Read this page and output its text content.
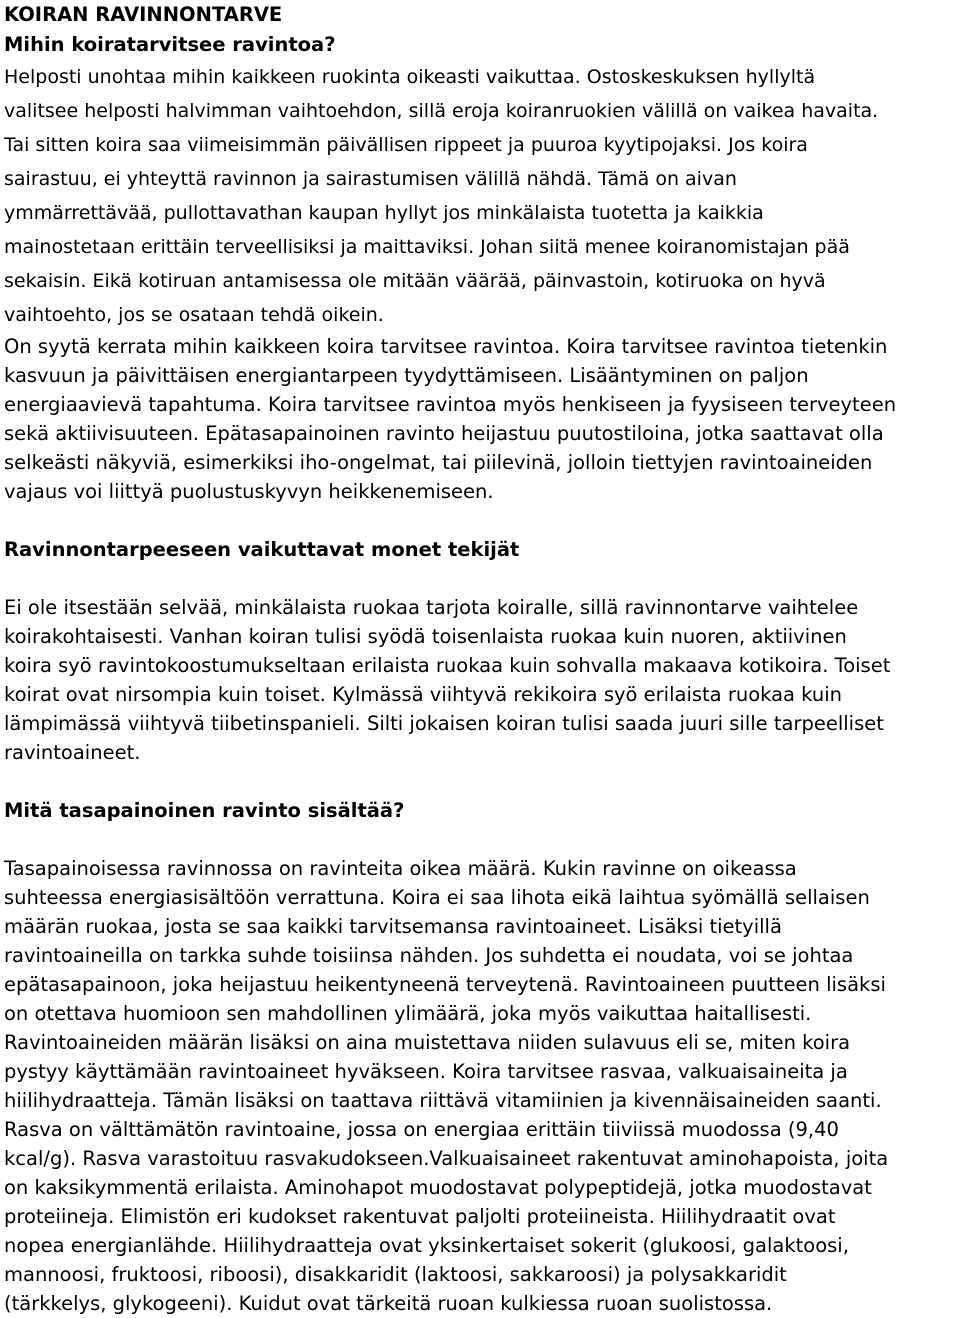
KOIRAN RAVINNONTARVE
Mihin koiratarvitsee ravintoa?
Helposti unohtaa mihin kaikkeen ruokinta oikeasti vaikuttaa. Ostoskeskuksen hyllyltä
valitsee helposti halvimman vaihtoehdon, sillä eroja koiranruokien välillä on vaikea havaita.
Tai sitten koira saa viimeisimmän päivällisen rippeet ja puuroa kyytipojaksi. Jos koira
sairastuu, ei yhteyttä ravinnon ja sairastumisen välillä nähdä. Tämä on aivan
ymmärrettävää, pullottavathan kaupan hyllyt jos minkälaista tuotetta ja kaikkia
mainostetaan erittäin terveellisiksi ja maittaviksi. Johan siitä menee koiranomistajan pää
sekaisin. Eikä kotiruan antamisessa ole mitään väärää, päinvastoin, kotiruoka on hyvä
vaihtoehto, jos se osataan tehdä oikein.
On syytä kerrata mihin kaikkeen koira tarvitsee ravintoa. Koira tarvitsee ravintoa tietenkin
kasvuun ja päivittäisen energiantarpeen tyydyttämiseen. Lisääntyminen on paljon
energiaavievä tapahtuma. Koira tarvitsee ravintoa myös henkiseen ja fyysiseen terveyteen
sekä aktiivisuuteen. Epätasapainoinen ravinto heijastuu puutostiloina, jotka saattavat olla
selkeästi näkyviä, esimerkiksi iho-ongelmat, tai piilevinä, jolloin tiettyjen ravintoaineiden
vajaus voi liittyä puolustuskyvyn heikkenemiseen.
Ravinnontarpeeseen vaikuttavat monet tekijät
Ei ole itsestään selvää, minkälaista ruokaa tarjota koiralle, sillä ravinnontarve vaihtelee
koirakohtaisesti. Vanhan koiran tulisi syödä toisenlaista ruokaa kuin nuoren, aktiivinen
koira syö ravintokoostumukseltaan erilaista ruokaa kuin sohvalla makaava kotikoira. Toiset
koirat ovat nirsompia kuin toiset. Kylmässä viihtyvä rekikoira syö erilaista ruokaa kuin
lämpimässä viihtyvä tiibetinspanieli. Silti jokaisen koiran tulisi saada juuri sille tarpeelliset
ravintoaineet.
Mitä tasapainoinen ravinto sisältää?
Tasapainoisessa ravinnossa on ravinteita oikea määrä. Kukin ravinne on oikeassa
suhteessa energiasisältöön verrattuna. Koira ei saa lihota eikä laihtua syömällä sellaisen
määrän ruokaa, josta se saa kaikki tarvitsemansa ravintoaineet. Lisäksi tietyillä
ravintoaineilla on tarkka suhde toisiinsa nähden. Jos suhdetta ei noudata, voi se johtaa
epätasapainoon, joka heijastuu heikentyneenä terveytenä. Ravintoaineen puutteen lisäksi
on otettava huomioon sen mahdollinen ylimäärä, joka myös vaikuttaa haitallisesti.
Ravintoaineiden määrän lisäksi on aina muistettava niiden sulavuus eli se, miten koira
pystyy käyttämään ravintoaineet hyväkseen. Koira tarvitsee rasvaa, valkuaisaineita ja
hiilihydraatteja. Tämän lisäksi on taattava riittävä vitamiinien ja kivennäisaineiden saanti.
Rasva on välttämätön ravintoaine, jossa on energiaa erittäin tiiviissä muodossa (9,40
kcal/g). Rasva varastoituu rasvakudokseen.Valkuaisaineet rakentuvat aminohapoista, joita
on kaksikymmentä erilaista. Aminohapot muodostavat polypeptidejä, jotka muodostavat
proteiineja. Elimistön eri kudokset rakentuvat paljolti proteiineista. Hiilihydraatit ovat
nopea energianlähde. Hiilihydraatteja ovat yksinkertaiset sokerit (glukoosi, galaktoosi,
mannoosi, fruktoosi, riboosi), disakkaridit (laktoosi, sakkaroosi) ja polysakkaridit
(tärkkelys, glykogeeni). Kuidut ovat tärkeitä ruoan kulkiessa ruoan suolistossa.
